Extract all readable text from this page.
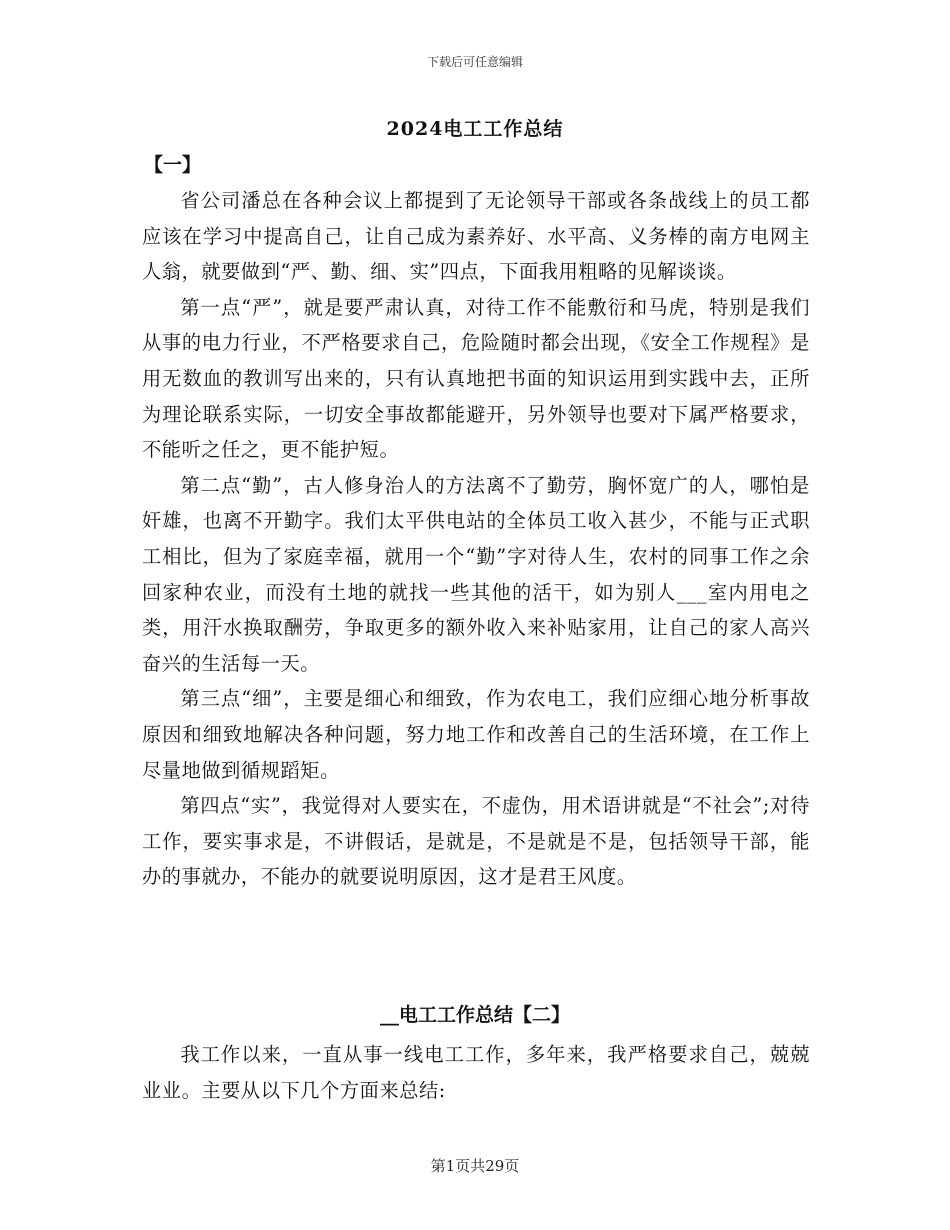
下载后可任意编辑
2024电工工作总结
【一】

省公司潘总在各种会议上都提到了无论领导干部或各条战线上的员工都应该在学习中提高自己，让自己成为素养好、水平高、义务棒的南方电网主人翁，就要做到“严、勤、细、实”四点，下面我用粗略的见解谈谈。

第一点“严”，就是要严肃认真，对待工作不能敷衍和马虎，特别是我们从事的电力行业，不严格要求自己，危险随时都会出现，《安全工作规程》是用无数血的教训写出来的，只有认真地把书面的知识运用到实践中去，正所为理论联系实际，一切安全事故都能避开，另外领导也要对下属严格要求，不能听之任之，更不能护短。

第二点“勤”，古人修身治人的方法离不了勤劳，胸怀宽广的人，哪怕是奸雄，也离不开勤字。我们太平供电站的全体员工收入甚少，不能与正式职工相比，但为了家庭幸福，就用一个“勤”字对待人生，农村的同事工作之余回家种农业，而没有土地的就找一些其他的活干，如为别人___室内用电之类，用汗水换取酬劳，争取更多的额外收入来补贴家用，让自己的家人高兴奋兴的生活每一天。

第三点“细”，主要是细心和细致，作为农电工，我们应细心地分析事故原因和细致地解决各种问题，努力地工作和改善自己的生活环境，在工作上尽量地做到循规蹈矩。

第四点“实”，我觉得对人要实在，不虚伪，用术语讲就是“不社会”;对待工作，要实事求是，不讲假话，是就是，不是就是不是，包括领导干部，能办的事就办，不能办的就要说明原因，这才是君王风度。

__电工工作总结【二】

我工作以来，一直从事一线电工工作，多年来，我严格要求自己，兢兢业业。主要从以下几个方面来总结:

第1页共29页
